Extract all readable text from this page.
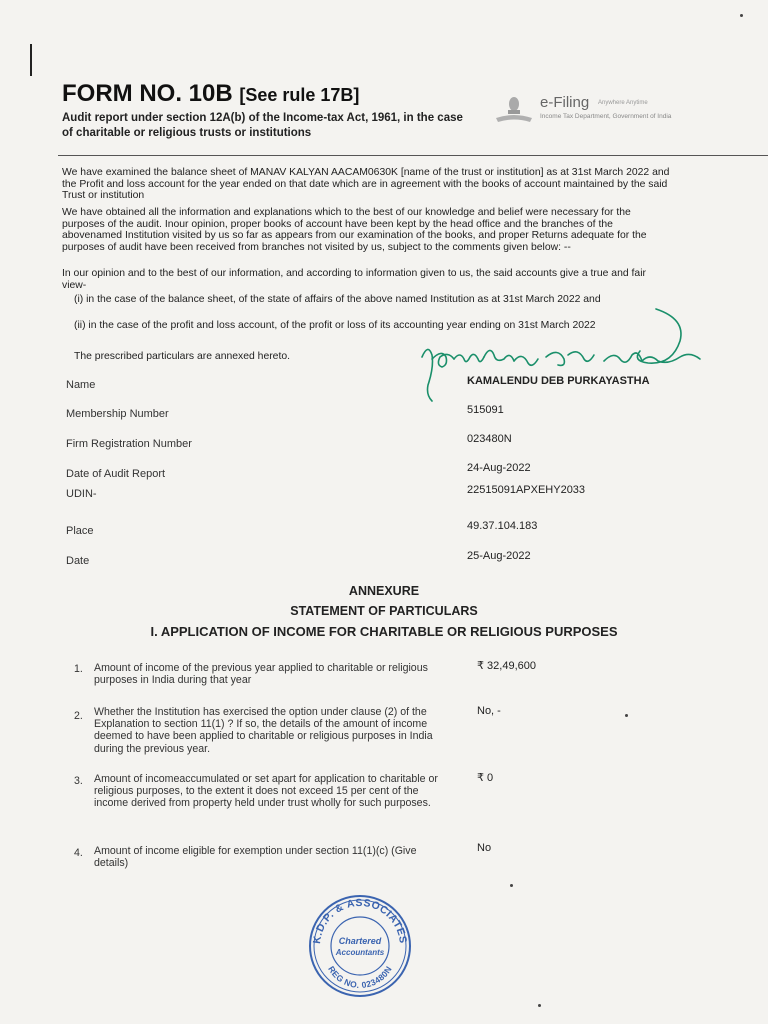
FORM NO. 10B [See rule 17B]
Audit report under section 12A(b) of the Income-tax Act, 1961, in the case of charitable or religious trusts or institutions
e-Filing Anywhere Anytime
Income Tax Department, Government of India
We have examined the balance sheet of MANAV KALYAN AACAM0630K [name of the trust or institution] as at 31st March 2022 and the Profit and loss account for the year ended on that date which are in agreement with the books of account maintained by the said Trust or institution
We have obtained all the information and explanations which to the best of our knowledge and belief were necessary for the purposes of the audit. Inour opinion, proper books of account have been kept by the head office and the branches of the abovenamed Institution visited by us so far as appears from our examination of the books, and proper Returns adequate for the purposes of audit have been received from branches not visited by us, subject to the comments given below: --
In our opinion and to the best of our information, and according to information given to us, the said accounts give a true and fair view-
(i) in the case of the balance sheet, of the state of affairs of the above named Institution as at 31st March 2022 and
(ii) in the case of the profit and loss account, of the profit or loss of its accounting year ending on 31st March 2022
The prescribed particulars are annexed hereto.
Name	KAMALENDU DEB PURKAYASTHA
Membership Number	515091
Firm Registration Number	023480N
Date of Audit Report	24-Aug-2022
UDIN-	22515091APXEHY2033
Place	49.37.104.183
Date	25-Aug-2022
ANNEXURE
STATEMENT OF PARTICULARS
I. APPLICATION OF INCOME FOR CHARITABLE OR RELIGIOUS PURPOSES
1. Amount of income of the previous year applied to charitable or religious purposes in India during that year
₹ 32,49,600
2. Whether the Institution has exercised the option under clause (2) of the Explanation to section 11(1) ? If so, the details of the amount of income deemed to have been applied to charitable or religious purposes in India during the previous year.
No, -
3. Amount of incomeaccumulated or set apart for application to charitable or religious purposes, to the extent it does not exceed 15 per cent of the income derived from property held under trust wholly for such purposes.
₹ 0
4. Amount of income eligible for exemption under section 11(1)(c) (Give details)
No
K.D.P. & ASSOCIATES
REG NO. 023480N
Chartered
Accountants
